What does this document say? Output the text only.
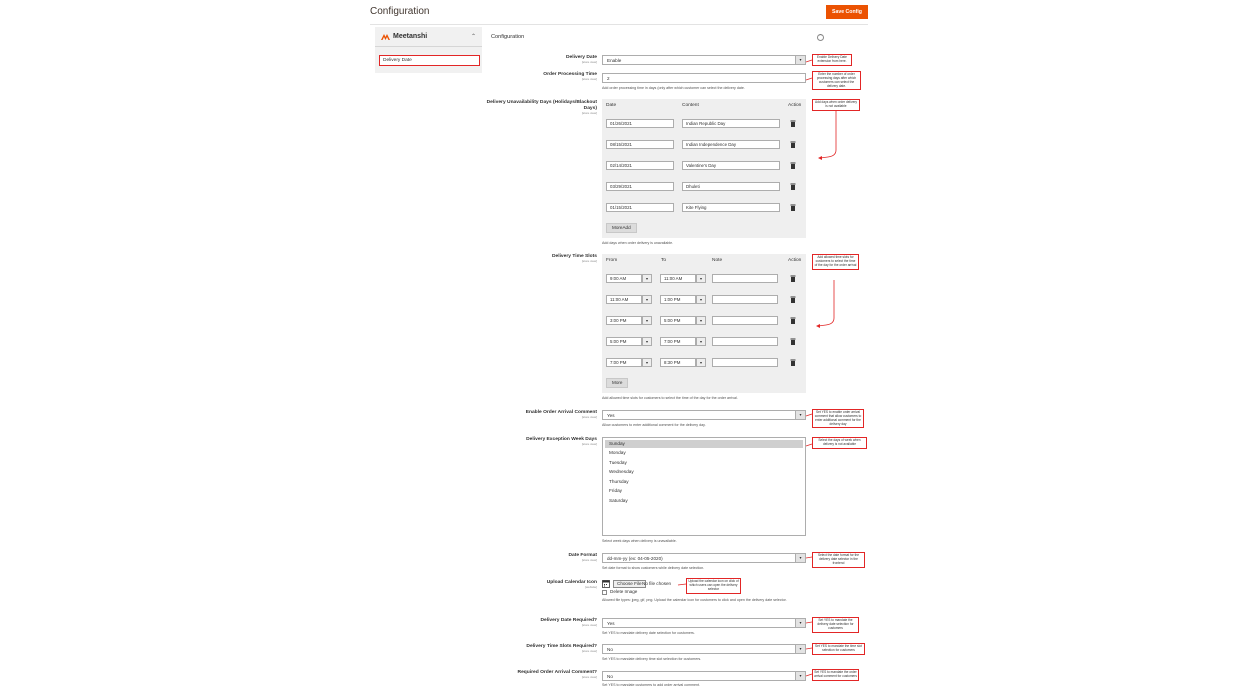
Configuration	Save Config
Meetanshi	⌃
Delivery Date
Configuration	⌃
Delivery Date
[store view]	Enable	▾
Order Processing Time
[store view]	2
Add order processing time in days (only after which customer can select the delivery date.
Delivery Unavailability Days (Holidays/Blackout Days)
[store view]
Date	Content	Action
01/26/2021	Indian Republic Day
08/15/2021	Indian Independence Day
02/14/2021	Valentine's Day
03/29/2021	Dhuleti
01/15/2021	Kite Flying
MoreAdd
Add days when order delivery is unavailable.
Delivery Time Slots
[store view] From	To	Note	Action
9:00 AM	▾	11:00 AM	▾
11:00 AM	▾	1:00 PM	▾
3:00 PM	▾	5:00 PM	▾
5:00 PM	▾	7:00 PM	▾
7:00 PM	▾	8:30 PM	▾
More
Add allowed time slots for customers to select the time of the day for the order arrival.
Enable Order Arrival Comment
[store view]	Yes	▾
Allow customers to enter additional comment for the delivery day.
Delivery Exception Week Days
[store view]	Sunday
Monday
Tuesday
Wednesday
Thursday
Friday
Saturday
Select week days when delivery is unavailable.
Date Format
[store view]	dd-mm-yy (ex: 04-05-2020)	▾
Set date format to show customers while delivery date selection.
Upload Calendar Icon
[website]
Choose File No file chosen
Delete Image
Allowed file types: jpeg, gif, png. Upload the calendar icon for customers to click and open the delivery date selector.
Delivery Date Required?
[store view]	Yes	▾
Set YES to mandate delivery date selection for customers.
Delivery Time Slots Required?
[store view]	No	▾
Set YES to mandate delivery time slot selection for customers.
Required Order Arrival Comment?
[store view]	No	▾
Set YES to mandate customers to add order arrival comment.
Enable Delivery Date extension from here.
Enter the number of order processing days after which customers can select the delivery date.
Add days when order delivery is not available
Add allowed time slots for customers to select the time of the day for the order arrival
Set YES to enable order arrival comment that allow customers to enter additional comment for the delivery day
Select the days of week when delivery is not available
Select the date format for the delivery date selector in the frontend
Upload the calendar icon on click of which users can open the delivery selector
Set YES to mandate the delivery date selection for customers
Set YES to mandate the time slot selection for customers
Set YES to mandate the order arrival comment for customers
